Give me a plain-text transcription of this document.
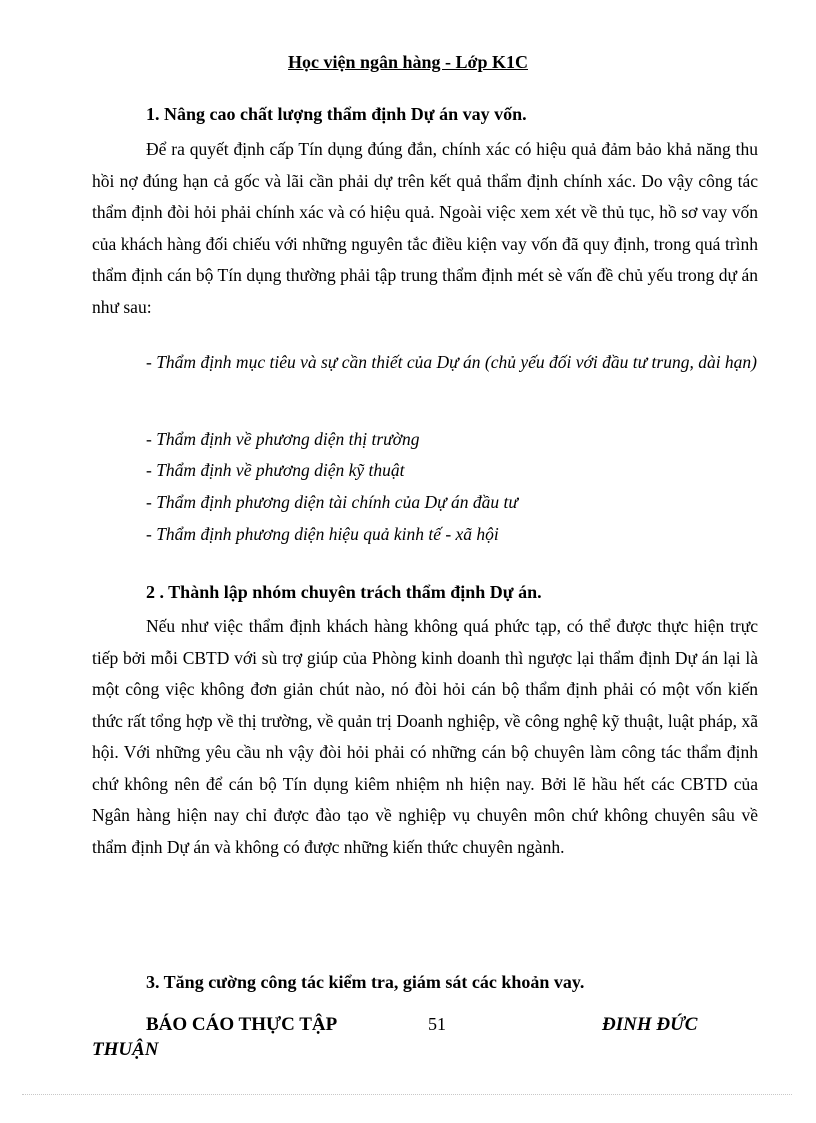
Học viện ngân hàng - Lớp K1C
1. Nâng cao chất lượng thẩm định Dự án vay vốn.
Để ra quyết định cấp Tín dụng đúng đắn, chính xác có hiệu quả đảm bảo khả năng thu hồi nợ đúng hạn cả gốc và lãi cần phải dự trên kết quả thẩm định chính xác. Do vậy công tác thẩm định đòi hỏi phải chính xác và có hiệu quả. Ngoài việc xem xét về thủ tục, hồ sơ vay vốn của khách hàng đối chiếu với những nguyên tắc điều kiện vay vốn đã quy định, trong quá trình thẩm định cán bộ Tín dụng thường phải tập trung thẩm định mét sè vấn đề chủ yếu trong dự án như sau:
- Thẩm định mục tiêu và sự cần thiết của Dự án (chủ yếu đối với đầu tư trung, dài hạn)
- Thẩm định về phương diện thị trường
- Thẩm định về phương diện kỹ thuật
- Thẩm định phương diện tài chính của Dự án đầu tư
- Thẩm định phương diện hiệu quả kinh tế - xã hội
2 . Thành lập nhóm chuyên trách thẩm định Dự án.
Nếu như việc thẩm định khách hàng không quá phức tạp, có thể được thực hiện trực tiếp bởi mỗi CBTD với sù trợ giúp của Phòng kinh doanh thì ngược lại thẩm định Dự án lại là một công việc không đơn giản chút nào, nó đòi hỏi cán bộ thẩm định phải có một vốn kiến thức rất tổng hợp về thị trường, về quản trị Doanh nghiệp, về công nghệ kỹ thuật, luật pháp, xã hội. Với những yêu cầu nh vậy đòi hỏi phải có những cán bộ chuyên làm công tác thẩm định chứ không nên để cán bộ Tín dụng kiêm nhiệm nh hiện nay. Bởi lẽ hầu hết các CBTD của Ngân hàng hiện nay chỉ được đào tạo về nghiệp vụ chuyên môn chứ không chuyên sâu về thẩm định Dự án và không có được những kiến thức chuyên ngành.
3. Tăng cường công tác kiểm tra, giám sát các khoản vay.
BÁO CÁO THỰC TẬP	51	ĐINH ĐỨC
THUẬN
